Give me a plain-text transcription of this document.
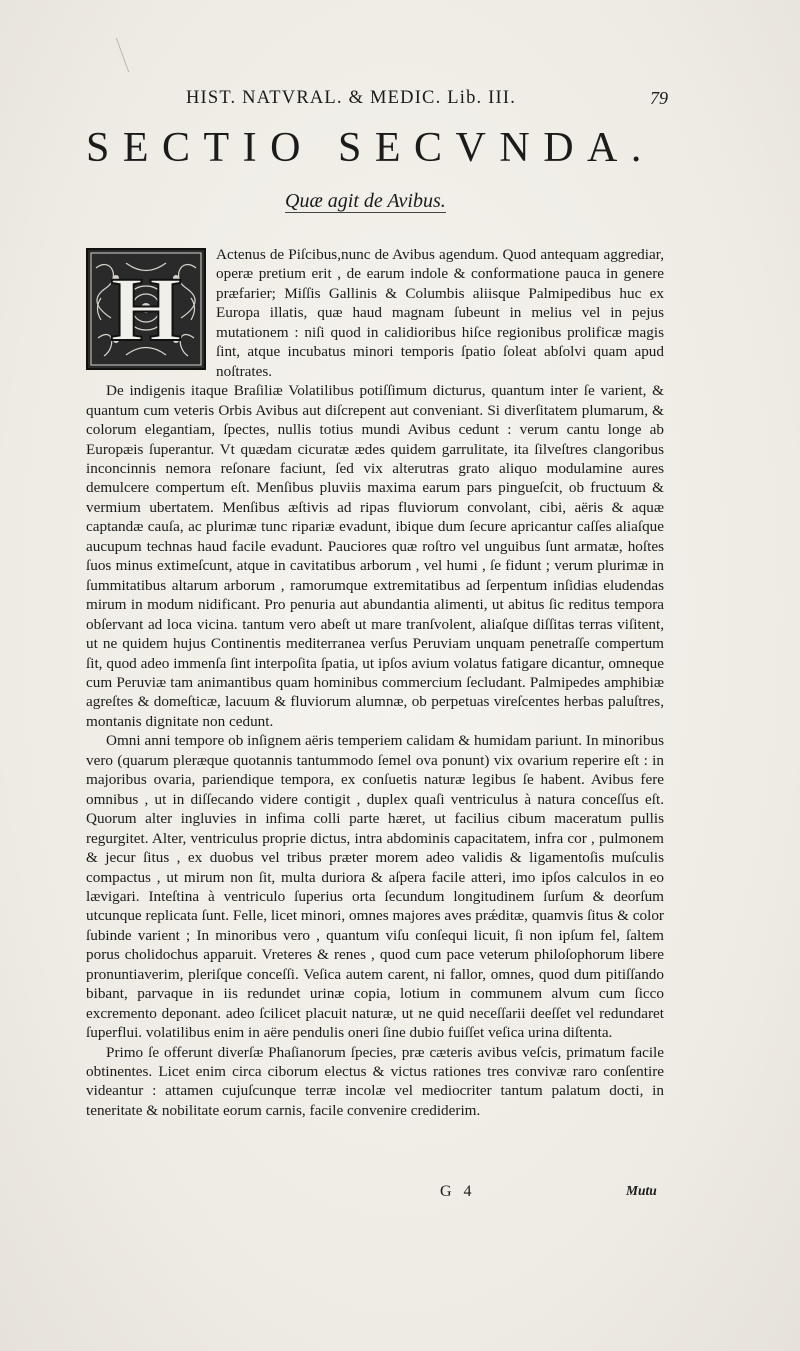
HIST. NATVRAL. & MEDIC. Lib. III.	79
SECTIO SECVNDA.
Quæ agit de Avibus.

H
Actenus de Piſcibus,nunc de Avibus agendum. Quod antequam aggrediar, operæ pretium erit , de earum indole & conformatione pauca in genere præfarier; Miſſis Gallinis & Columbis aliisque Palmipedibus huc ex Europa illatis, quæ haud magnam ſubeunt in melius vel in pejus mutationem : niſi quod in calidioribus hiſce regionibus prolificæ magis ſint, atque incubatus minori temporis ſpatio ſoleat abſolvi quam apud noſtrates.

De indigenis itaque Braſiliæ Volatilibus potiſſimum dicturus, quantum inter ſe varient, & quantum cum veteris Orbis Avibus aut diſcrepent aut conveniant. Si diverſitatem plumarum, & colorum elegantiam, ſpectes, nullis totius mundi Avibus cedunt : verum cantu longe ab Europæis ſuperantur. Vt quædam cicuratæ ædes quidem garrulitate, ita ſilveſtres clangoribus inconcinnis nemora reſonare faciunt, ſed vix alterutras grato aliquo modulamine aures demulcere compertum eſt. Menſibus pluviis maxima earum pars pingueſcit, ob fructuum & vermium ubertatem. Menſibus æſtivis ad ripas fluviorum convolant, cibi, aëris & aquæ captandæ cauſa, ac plurimæ tunc ripariæ evadunt, ibique dum ſecure apricantur caſſes aliaſque aucupum technas haud facile evadunt. Pauciores quæ roſtro vel unguibus ſunt armatæ, hoſtes ſuos minus extimeſcunt, atque in cavitatibus arborum , vel humi , ſe fidunt ; verum plurimæ in ſummitatibus altarum arborum , ramorumque extremitatibus ad ſerpentum inſidias eludendas mirum in modum nidificant. Pro penuria aut abundantia alimenti, ut abitus ſic reditus tempora obſervant ad loca vicina. tantum vero abeſt ut mare tranſvolent, aliaſque diſſitas terras viſitent, ut ne quidem hujus Continentis mediterranea verſus Peruviam unquam penetraſſe compertum ſit, quod adeo immenſa ſint interpoſita ſpatia, ut ipſos avium volatus fatigare dicantur, omneque cum Peruviæ tam animantibus quam hominibus commercium ſecludant. Palmipedes amphibiæ agreſtes & domeſticæ, lacuum & fluviorum alumnæ, ob perpetuas vireſcentes herbas paluſtres, montanis dignitate non cedunt.

Omni anni tempore ob inſignem aëris temperiem calidam & humidam pariunt. In minoribus vero (quarum pleræque quotannis tantummodo ſemel ova ponunt) vix ovarium reperire eſt : in majoribus ovaria, pariendique tempora, ex conſuetis naturæ legibus ſe habent. Avibus fere omnibus , ut in diſſecando videre contigit , duplex quaſi ventriculus à natura conceſſus eſt. Quorum alter ingluvies in infima colli parte hæret, ut facilius cibum maceratum pullis regurgitet. Alter, ventriculus proprie dictus, intra abdominis capacitatem, infra cor , pulmonem & jecur ſitus , ex duobus vel tribus præter morem adeo validis & ligamentoſis muſculis compactus , ut mirum non ſit, multa duriora & aſpera facile atteri, imo ipſos calculos in eo lævigari. Inteſtina à ventriculo ſuperius orta ſecundum longitudinem ſurſum & deorſum utcunque replicata ſunt. Felle, licet minori, omnes majores aves prǽditæ, quamvis ſitus & color ſubinde varient ; In minoribus vero , quantum viſu conſequi licuit, ſi non ipſum fel, ſaltem porus cholidochus apparuit. Vreteres & renes , quod cum pace veterum philoſophorum libere pronuntiaverim, pleriſque conceſſi. Veſica autem carent, ni fallor, omnes, quod dum pitiſſando bibant, parvaque in iis redundet urinæ copia, lotium in communem alvum cum ſicco excremento deponant. adeo ſcilicet placuit naturæ, ut ne quid neceſſarii deeſſet vel redundaret ſuperflui. volatilibus enim in aëre pendulis oneri ſine dubio fuiſſet veſica urina diſtenta.

Primo ſe offerunt diverſæ Phaſianorum ſpecies, præ cæteris avibus veſcis, primatum facile obtinentes. Licet enim circa ciborum electus & victus rationes tres convivæ raro conſentire videantur : attamen cujuſcunque terræ incolæ vel mediocriter tantum palatum docti, in teneritate & nobilitate eorum carnis, facile convenire crediderim.

G 4	Mutu
